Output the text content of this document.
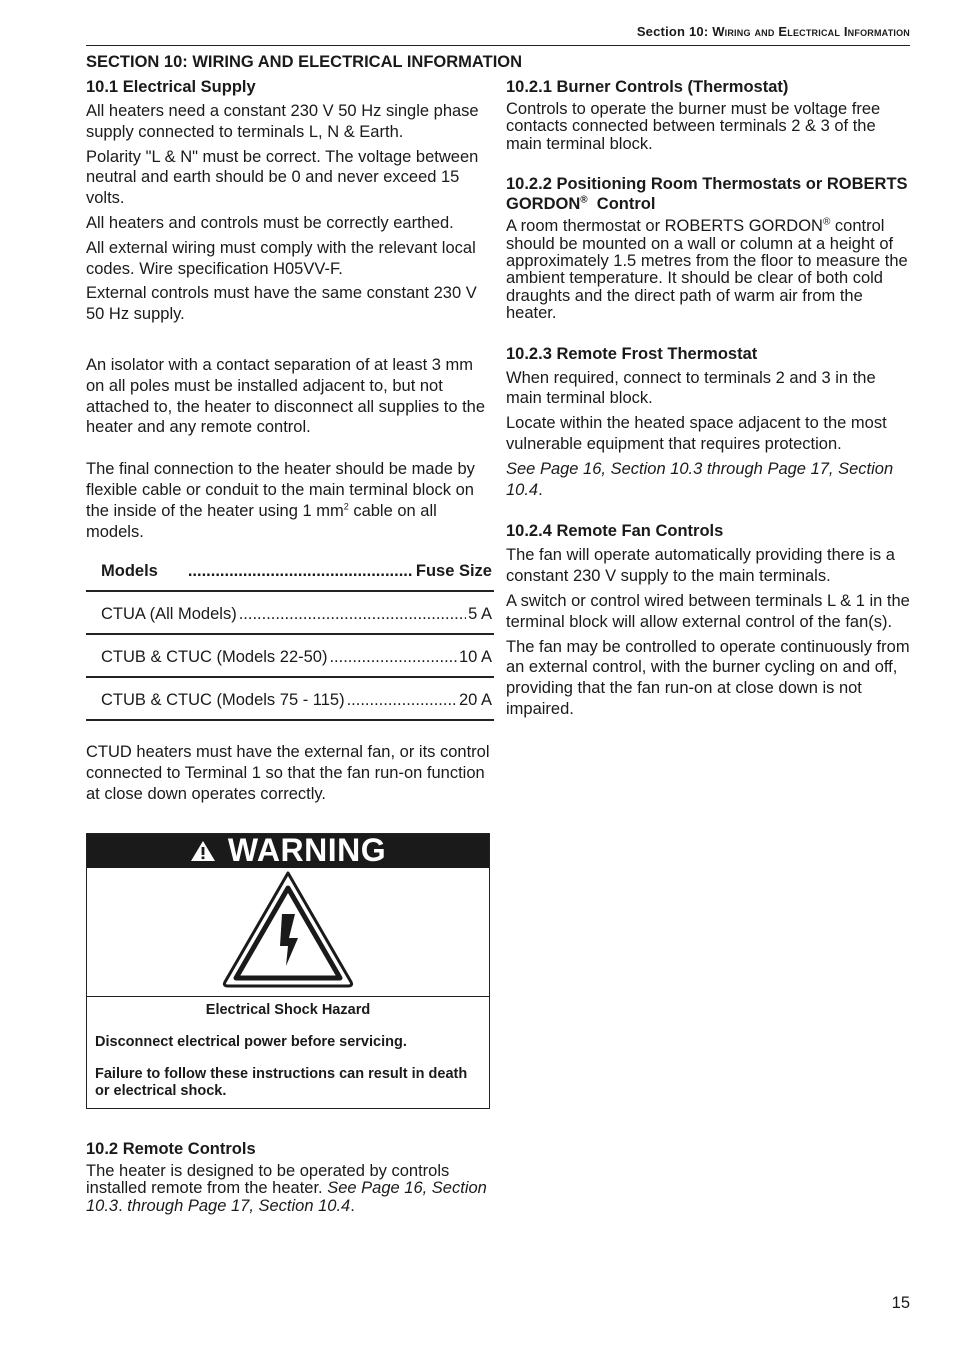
Section 10: Wiring and Electrical Information
SECTION 10: WIRING AND ELECTRICAL INFORMATION
10.1 Electrical Supply

All heaters need a constant 230 V 50 Hz single phase supply connected to terminals L, N & Earth.

Polarity "L & N" must be correct. The voltage between neutral and earth should be 0 and never exceed 15 volts.

All heaters and controls must be correctly earthed.

All external wiring must comply with the relevant local codes. Wire specification H05VV-F.

External controls must have the same constant 230 V 50 Hz supply.

An isolator with a contact separation of at least 3 mm on all poles must be installed adjacent to, but not attached to, the heater to disconnect all supplies to the heater and any remote control.

The final connection to the heater should be made by flexible cable or conduit to the main terminal block on the inside of the heater using 1 $mm^2$ cable on all models.

Models .....	Fuse Size
CTUA (All Models) .....	5 A
CTUB & CTUC (Models 22-50) .....	10 A
CTUB & CTUC (Models 75 - 115) .....	20 A

CTUD heaters must have the external fan, or its control connected to Terminal 1 so that the fan run-on function at close down operates correctly.

WARNING
Electrical Shock Hazard
Disconnect electrical power before servicing.
Failure to follow these instructions can result in death or electrical shock.
10.2 Remote Controls

The heater is designed to be operated by controls installed remote from the heater. See Page 16, Section 10.3. through Page 17, Section 10.4.

10.2.1 Burner Controls (Thermostat)

Controls to operate the burner must be voltage free contacts connected between terminals 2 & 3 of the main terminal block.

10.2.2 Positioning Room Thermostats or ROBERTS GORDON®  Control

A room thermostat or ROBERTS GORDON® control should be mounted on a wall or column at a height of approximately 1.5 metres from the floor to measure the ambient temperature. It should be clear of both cold draughts and the direct path of warm air from the heater.

10.2.3 Remote Frost Thermostat

When required, connect to terminals 2 and 3 in the main terminal block.

Locate within the heated space adjacent to the most vulnerable equipment that requires protection.

See Page 16, Section 10.3 through Page 17, Section 10.4.

10.2.4 Remote Fan Controls

The fan will operate automatically providing there is a constant 230 V supply to the main terminals.

A switch or control wired between terminals L & 1 in the terminal block will allow external control of the fan(s).

The fan may be controlled to operate continuously from an external control, with the burner cycling on and off, providing that the fan run-on at close down is not impaired.

15
